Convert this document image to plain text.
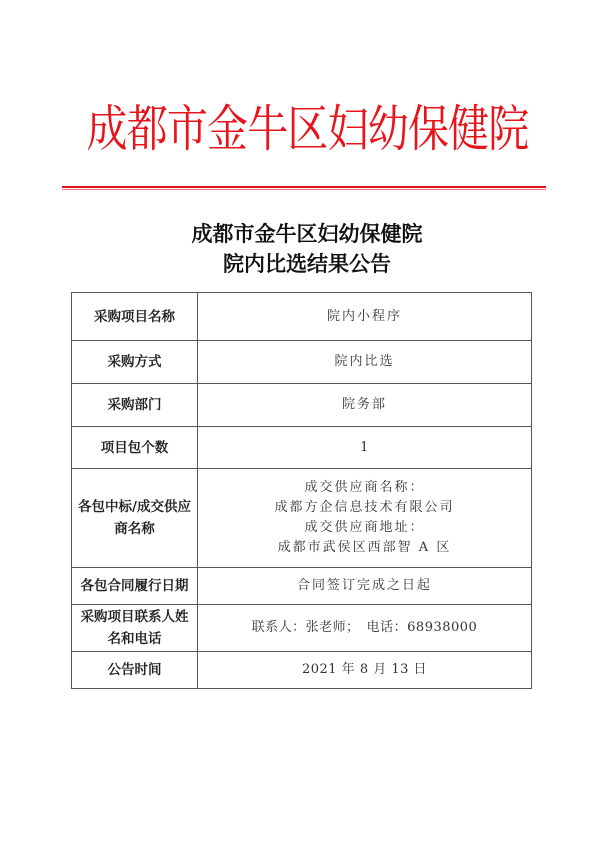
成都市金牛区妇幼保健院
成都市金牛区妇幼保健院
院内比选结果公告
采购项目名称	院内小程序
采购方式	院内比选
采购部门	院务部
项目包个数	1

各包中标/成交供应
商名称	成交供应商名称：
成都方企信息技术有限公司
成交供应商地址：
成都市武侯区西部智 A 区

各包合同履行日期	合同签订完成之日起

采购项目联系人姓
名和电话	联系人：张老师；　电话：68938000
公告时间	2021 年 8 月 13 日
